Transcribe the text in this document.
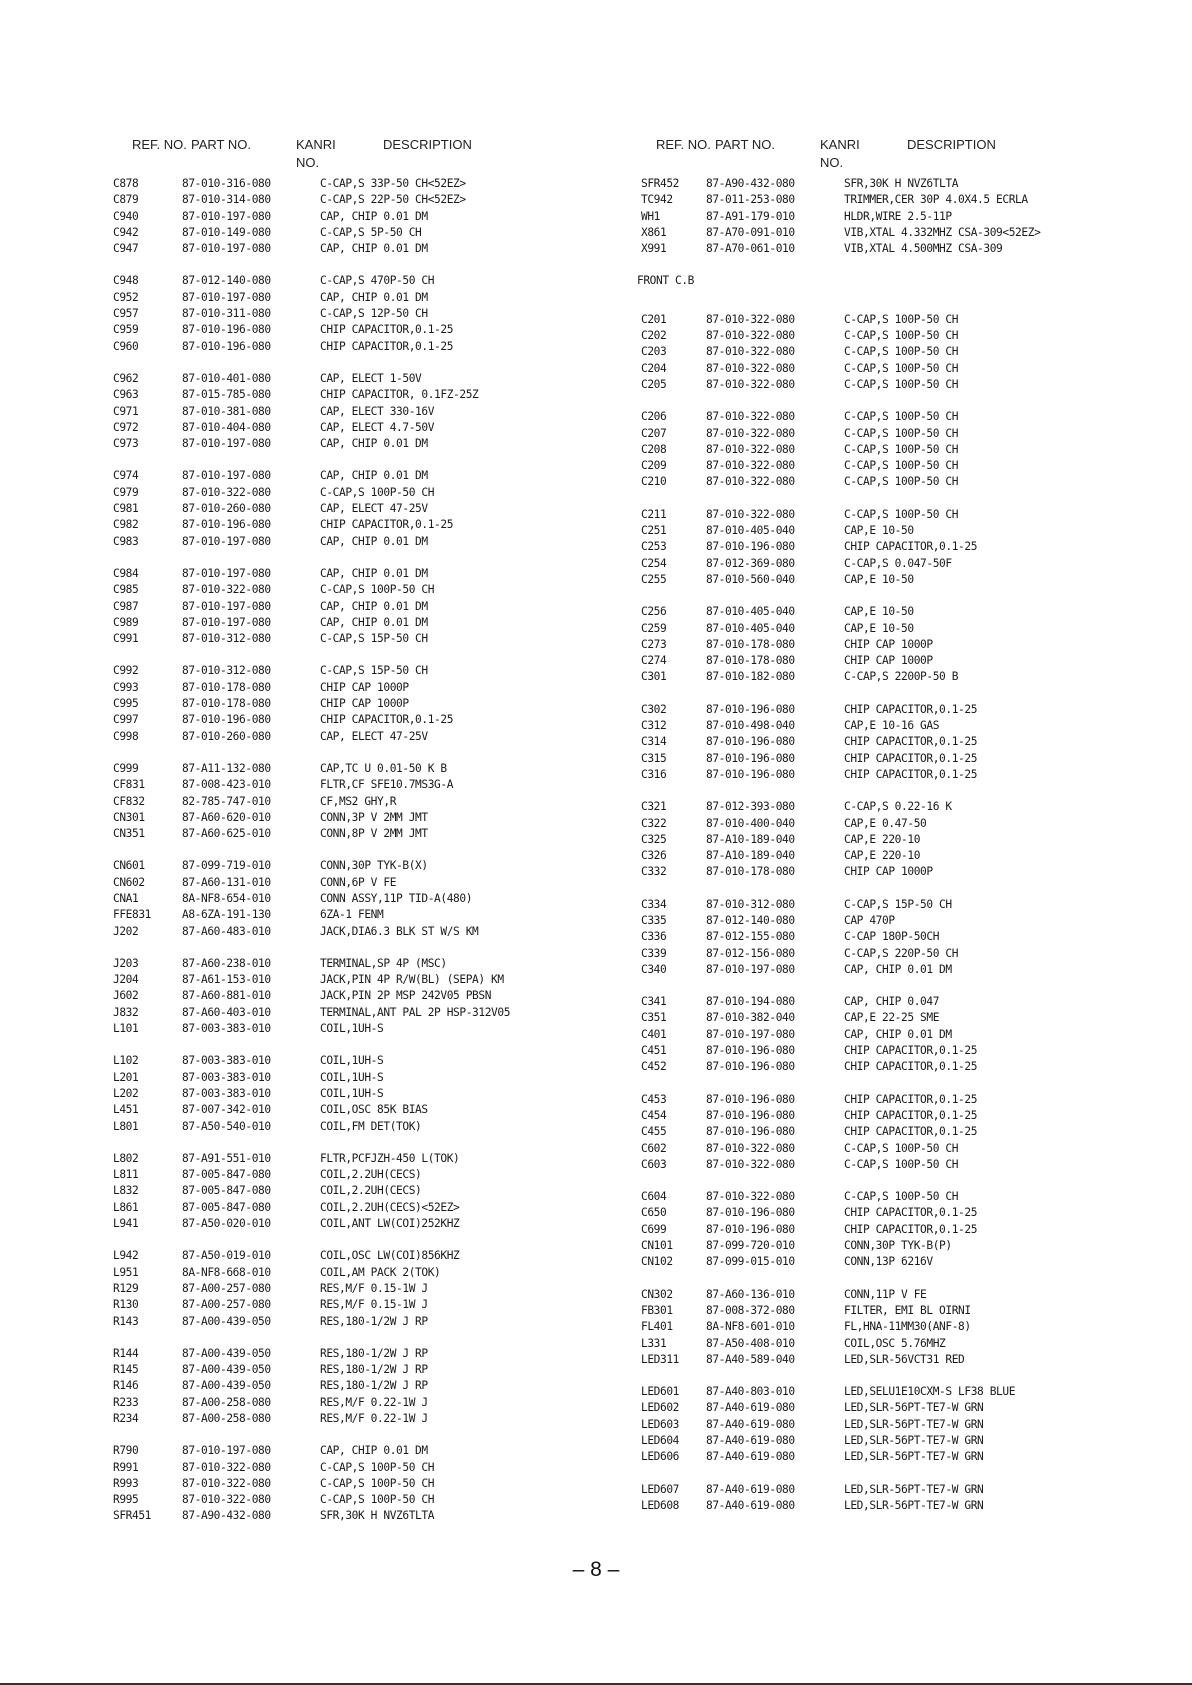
REF. NO. PART NO.	KANRI
NO.
DESCRIPTION
C878	87-010-316-080	C-CAP,S 33P-50 CH<52EZ>
C879	87-010-314-080	C-CAP,S 22P-50 CH<52EZ>
C940	87-010-197-080	CAP, CHIP 0.01 DM
C942	87-010-149-080	C-CAP,S 5P-50 CH
C947	87-010-197-080	CAP, CHIP 0.01 DM
C948	87-012-140-080	C-CAP,S 470P-50 CH
C952	87-010-197-080	CAP, CHIP 0.01 DM
C957	87-010-311-080	C-CAP,S 12P-50 CH
C959	87-010-196-080	CHIP CAPACITOR,0.1-25
C960	87-010-196-080	CHIP CAPACITOR,0.1-25
C962	87-010-401-080	CAP, ELECT 1-50V
C963	87-015-785-080	CHIP CAPACITOR, 0.1FZ-25Z
C971	87-010-381-080	CAP, ELECT 330-16V
C972	87-010-404-080	CAP, ELECT 4.7-50V
C973	87-010-197-080	CAP, CHIP 0.01 DM
C974	87-010-197-080	CAP, CHIP 0.01 DM
C979	87-010-322-080	C-CAP,S 100P-50 CH
C981	87-010-260-080	CAP, ELECT 47-25V
C982	87-010-196-080	CHIP CAPACITOR,0.1-25
C983	87-010-197-080	CAP, CHIP 0.01 DM
C984	87-010-197-080	CAP, CHIP 0.01 DM
C985	87-010-322-080	C-CAP,S 100P-50 CH
C987	87-010-197-080	CAP, CHIP 0.01 DM
C989	87-010-197-080	CAP, CHIP 0.01 DM
C991	87-010-312-080	C-CAP,S 15P-50 CH
C992	87-010-312-080	C-CAP,S 15P-50 CH
C993	87-010-178-080	CHIP CAP 1000P
C995	87-010-178-080	CHIP CAP 1000P
C997	87-010-196-080	CHIP CAPACITOR,0.1-25
C998	87-010-260-080	CAP, ELECT 47-25V
C999	87-A11-132-080	CAP,TC U 0.01-50 K B
CF831	87-008-423-010	FLTR,CF SFE10.7MS3G-A
CF832	82-785-747-010	CF,MS2 GHY,R
CN301	87-A60-620-010	CONN,3P V 2MM JMT
CN351	87-A60-625-010	CONN,8P V 2MM JMT
CN601	87-099-719-010	CONN,30P TYK-B(X)
CN602	87-A60-131-010	CONN,6P V FE
CNA1	8A-NF8-654-010	CONN ASSY,11P TID-A(480)
FFE831	A8-6ZA-191-130	6ZA-1 FENM
J202	87-A60-483-010	JACK,DIA6.3 BLK ST W/S KM
J203	87-A60-238-010	TERMINAL,SP 4P (MSC)
J204	87-A61-153-010	JACK,PIN 4P R/W(BL) (SEPA) KM
J602	87-A60-881-010	JACK,PIN 2P MSP 242V05 PBSN
J832	87-A60-403-010	TERMINAL,ANT PAL 2P HSP-312V05
L101	87-003-383-010	COIL,1UH-S
L102	87-003-383-010	COIL,1UH-S
L201	87-003-383-010	COIL,1UH-S
L202	87-003-383-010	COIL,1UH-S
L451	87-007-342-010	COIL,OSC 85K BIAS
L801	87-A50-540-010	COIL,FM DET(TOK)
L802	87-A91-551-010	FLTR,PCFJZH-450 L(TOK)
L811	87-005-847-080	COIL,2.2UH(CECS)
L832	87-005-847-080	COIL,2.2UH(CECS)
L861	87-005-847-080	COIL,2.2UH(CECS)<52EZ>
L941	87-A50-020-010	COIL,ANT LW(COI)252KHZ
L942	87-A50-019-010	COIL,OSC LW(COI)856KHZ
L951	8A-NF8-668-010	COIL,AM PACK 2(TOK)
R129	87-A00-257-080	RES,M/F 0.15-1W J
R130	87-A00-257-080	RES,M/F 0.15-1W J
R143	87-A00-439-050	RES,180-1/2W J RP
R144	87-A00-439-050	RES,180-1/2W J RP
R145	87-A00-439-050	RES,180-1/2W J RP
R146	87-A00-439-050	RES,180-1/2W J RP
R233	87-A00-258-080	RES,M/F 0.22-1W J
R234	87-A00-258-080	RES,M/F 0.22-1W J
R790	87-010-197-080	CAP, CHIP 0.01 DM
R991	87-010-322-080	C-CAP,S 100P-50 CH
R993	87-010-322-080	C-CAP,S 100P-50 CH
R995	87-010-322-080	C-CAP,S 100P-50 CH
SFR451	87-A90-432-080	SFR,30K H NVZ6TLTA
REF. NO. PART NO.	KANRI
NO.
DESCRIPTION
SFR452 87-A90-432-080	SFR,30K H NVZ6TLTA
TC942	87-011-253-080	TRIMMER,CER 30P 4.0X4.5 ECRLA
WH1	87-A91-179-010	HLDR,WIRE 2.5-11P
X861	87-A70-091-010	VIB,XTAL 4.332MHZ CSA-309<52EZ>
X991	87-A70-061-010	VIB,XTAL 4.500MHZ CSA-309
FRONT C.B
C201	87-010-322-080	C-CAP,S 100P-50 CH
C202	87-010-322-080	C-CAP,S 100P-50 CH
C203	87-010-322-080	C-CAP,S 100P-50 CH
C204	87-010-322-080	C-CAP,S 100P-50 CH
C205	87-010-322-080	C-CAP,S 100P-50 CH
C206	87-010-322-080	C-CAP,S 100P-50 CH
C207	87-010-322-080	C-CAP,S 100P-50 CH
C208	87-010-322-080	C-CAP,S 100P-50 CH
C209	87-010-322-080	C-CAP,S 100P-50 CH
C210	87-010-322-080	C-CAP,S 100P-50 CH
C211	87-010-322-080	C-CAP,S 100P-50 CH
C251	87-010-405-040	CAP,E 10-50
C253	87-010-196-080	CHIP CAPACITOR,0.1-25
C254	87-012-369-080	C-CAP,S 0.047-50F
C255	87-010-560-040	CAP,E 10-50
C256	87-010-405-040	CAP,E 10-50
C259	87-010-405-040	CAP,E 10-50
C273	87-010-178-080	CHIP CAP 1000P
C274	87-010-178-080	CHIP CAP 1000P
C301	87-010-182-080	C-CAP,S 2200P-50 B
C302	87-010-196-080	CHIP CAPACITOR,0.1-25
C312	87-010-498-040	CAP,E 10-16 GAS
C314	87-010-196-080	CHIP CAPACITOR,0.1-25
C315	87-010-196-080	CHIP CAPACITOR,0.1-25
C316	87-010-196-080	CHIP CAPACITOR,0.1-25
C321	87-012-393-080	C-CAP,S 0.22-16 K
C322	87-010-400-040	CAP,E 0.47-50
C325	87-A10-189-040	CAP,E 220-10
C326	87-A10-189-040	CAP,E 220-10
C332	87-010-178-080	CHIP CAP 1000P
C334	87-010-312-080	C-CAP,S 15P-50 CH
C335	87-012-140-080	CAP 470P
C336	87-012-155-080	C-CAP 180P-50CH
C339	87-012-156-080	C-CAP,S 220P-50 CH
C340	87-010-197-080	CAP, CHIP 0.01 DM
C341	87-010-194-080	CAP, CHIP 0.047
C351	87-010-382-040	CAP,E 22-25 SME
C401	87-010-197-080	CAP, CHIP 0.01 DM
C451	87-010-196-080	CHIP CAPACITOR,0.1-25
C452	87-010-196-080	CHIP CAPACITOR,0.1-25
C453	87-010-196-080	CHIP CAPACITOR,0.1-25
C454	87-010-196-080	CHIP CAPACITOR,0.1-25
C455	87-010-196-080	CHIP CAPACITOR,0.1-25
C602	87-010-322-080	C-CAP,S 100P-50 CH
C603	87-010-322-080	C-CAP,S 100P-50 CH
C604	87-010-322-080	C-CAP,S 100P-50 CH
C650	87-010-196-080	CHIP CAPACITOR,0.1-25
C699	87-010-196-080	CHIP CAPACITOR,0.1-25
CN101	87-099-720-010	CONN,30P TYK-B(P)
CN102	87-099-015-010	CONN,13P 6216V
CN302	87-A60-136-010	CONN,11P V FE
FB301	87-008-372-080	FILTER, EMI BL OIRNI
FL401	8A-NF8-601-010	FL,HNA-11MM30(ANF-8)
L331	87-A50-408-010	COIL,OSC 5.76MHZ
LED311 87-A40-589-040	LED,SLR-56VCT31 RED
LED601 87-A40-803-010	LED,SELU1E10CXM-S LF38 BLUE
LED602 87-A40-619-080	LED,SLR-56PT-TE7-W GRN
LED603 87-A40-619-080	LED,SLR-56PT-TE7-W GRN
LED604 87-A40-619-080	LED,SLR-56PT-TE7-W GRN
LED606 87-A40-619-080	LED,SLR-56PT-TE7-W GRN
LED607 87-A40-619-080	LED,SLR-56PT-TE7-W GRN
LED608 87-A40-619-080	LED,SLR-56PT-TE7-W GRN
– 8 –
